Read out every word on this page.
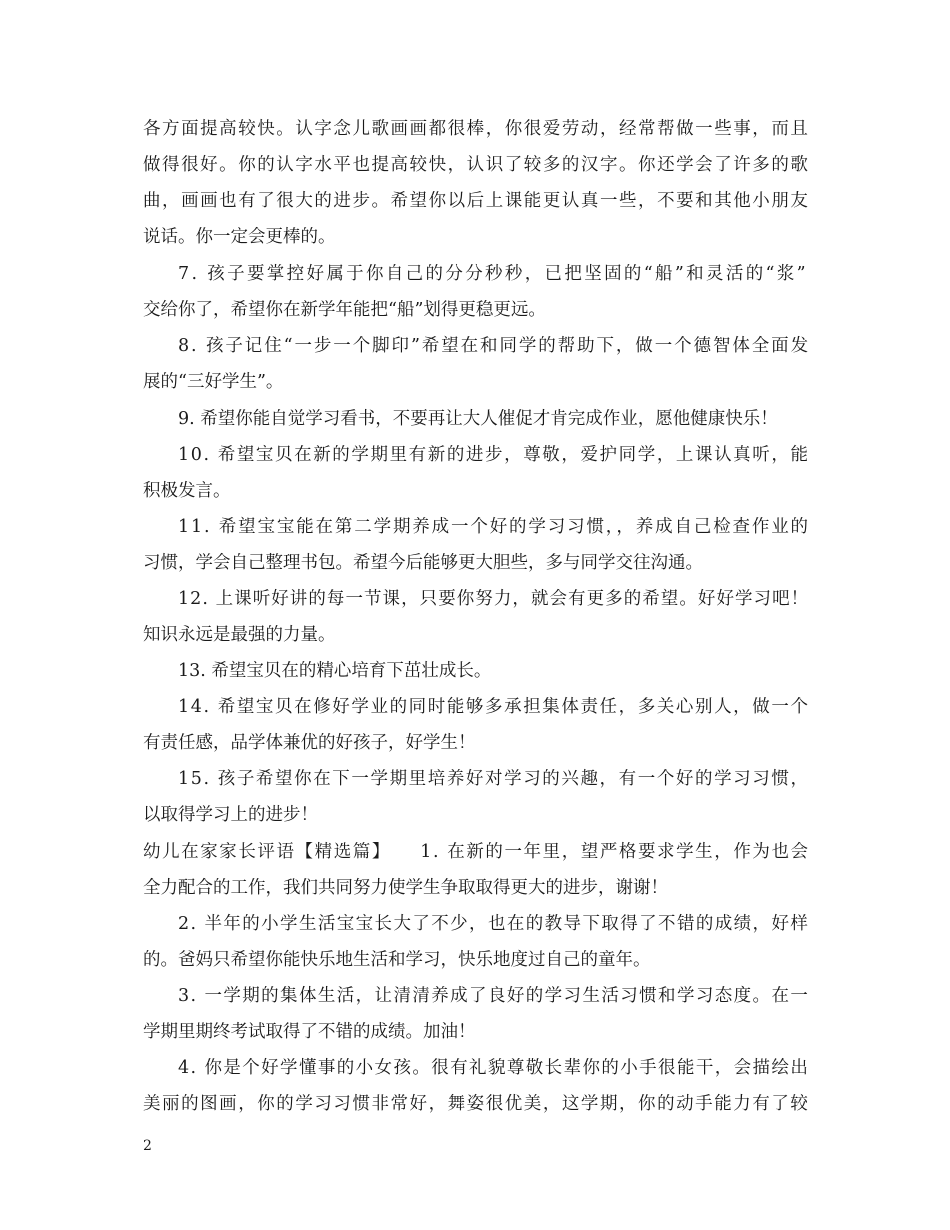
各方面提高较快。认字念儿歌画画都很棒，你很爱劳动，经常帮做一些事，而且
做得很好。你的认字水平也提高较快，认识了较多的汉字。你还学会了许多的歌
曲，画画也有了很大的进步。希望你以后上课能更认真一些，不要和其他小朋友
说话。你一定会更棒的。
7. 孩子要掌控好属于你自己的分分秒秒，已把坚固的“船”和灵活的“浆”
交给你了，希望你在新学年能把“船”划得更稳更远。
8. 孩子记住“一步一个脚印”希望在和同学的帮助下，做一个德智体全面发
展的“三好学生”。
9. 希望你能自觉学习看书，不要再让大人催促才肯完成作业，愿他健康快乐！
10. 希望宝贝在新的学期里有新的进步，尊敬，爱护同学，上课认真听，能
积极发言。
11. 希望宝宝能在第二学期养成一个好的学习习惯，，养成自己检查作业的
习惯，学会自己整理书包。希望今后能够更大胆些，多与同学交往沟通。
12. 上课听好讲的每一节课，只要你努力，就会有更多的希望。好好学习吧！
知识永远是最强的力量。
13. 希望宝贝在的精心培育下茁壮成长。
14. 希望宝贝在修好学业的同时能够多承担集体责任，多关心别人，做一个
有责任感，品学体兼优的好孩子，好学生！
15. 孩子希望你在下一学期里培养好对学习的兴趣，有一个好的学习习惯，
以取得学习上的进步！
幼儿在家家长评语【精选篇】　　1. 在新的一年里，望严格要求学生，作为也会
全力配合的工作，我们共同努力使学生争取取得更大的进步，谢谢！
2. 半年的小学生活宝宝长大了不少，也在的教导下取得了不错的成绩，好样
的。爸妈只希望你能快乐地生活和学习，快乐地度过自己的童年。
3. 一学期的集体生活，让清清养成了良好的学习生活习惯和学习态度。在一
学期里期终考试取得了不错的成绩。加油！
4. 你是个好学懂事的小女孩。很有礼貌尊敬长辈你的小手很能干，会描绘出
美丽的图画，你的学习习惯非常好，舞姿很优美，这学期，你的动手能力有了较
2
